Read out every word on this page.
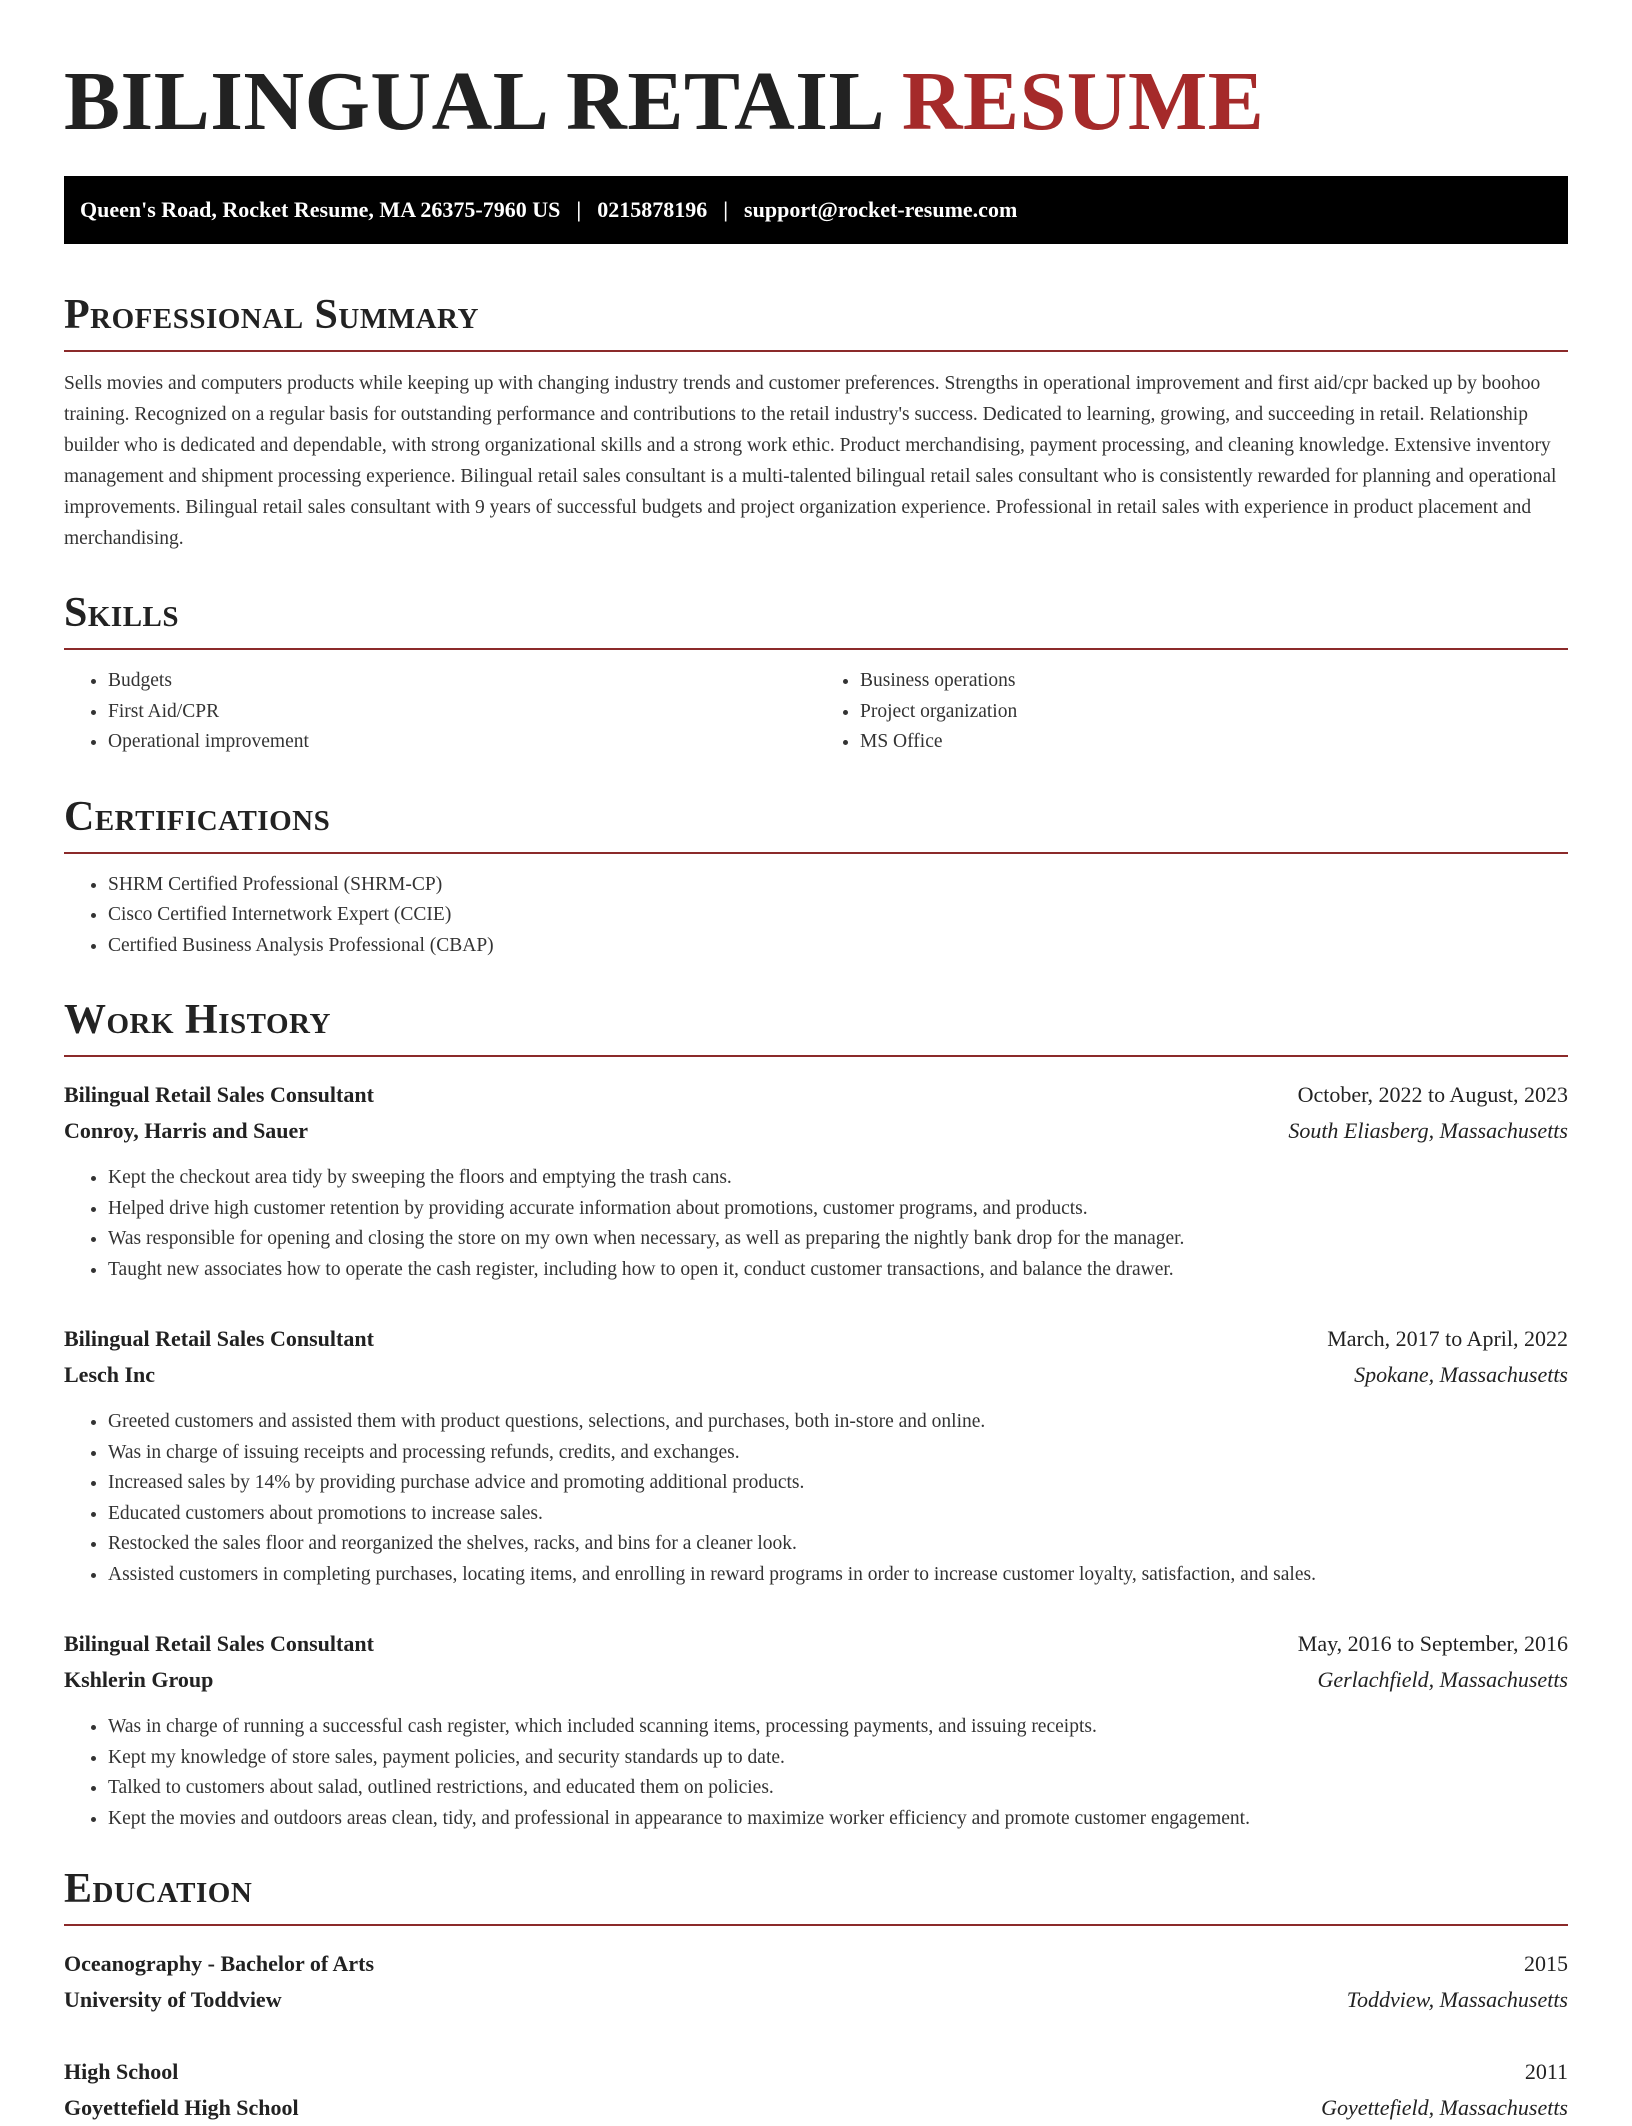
BILINGUAL RETAIL RESUME
Queen's Road, Rocket Resume, MA 26375-7960 US | 0215878196 | support@rocket-resume.com
Professional Summary

Sells movies and computers products while keeping up with changing industry trends and customer preferences. Strengths in operational improvement and first aid/cpr backed up by boohoo training. Recognized on a regular basis for outstanding performance and contributions to the retail industry's success. Dedicated to learning, growing, and succeeding in retail. Relationship builder who is dedicated and dependable, with strong organizational skills and a strong work ethic. Product merchandising, payment processing, and cleaning knowledge. Extensive inventory management and shipment processing experience. Bilingual retail sales consultant is a multi-talented bilingual retail sales consultant who is consistently rewarded for planning and operational improvements. Bilingual retail sales consultant with 9 years of successful budgets and project organization experience. Professional in retail sales with experience in product placement and merchandising.

Skills
• Budgets
• First Aid/CPR
• Operational improvement
• Business operations
• Project organization
• MS Office
Certifications
• SHRM Certified Professional (SHRM-CP)
• Cisco Certified Internetwork Expert (CCIE)
• Certified Business Analysis Professional (CBAP)
Work History
Bilingual Retail Sales Consultant	October, 2022 to August, 2023
Conroy, Harris and Sauer	South Eliasberg, Massachusetts
• Kept the checkout area tidy by sweeping the floors and emptying the trash cans.
• Helped drive high customer retention by providing accurate information about promotions, customer programs, and products.
• Was responsible for opening and closing the store on my own when necessary, as well as preparing the nightly bank drop for the manager.
• Taught new associates how to operate the cash register, including how to open it, conduct customer transactions, and balance the drawer.
Bilingual Retail Sales Consultant	March, 2017 to April, 2022
Lesch Inc	Spokane, Massachusetts
• Greeted customers and assisted them with product questions, selections, and purchases, both in-store and online.
• Was in charge of issuing receipts and processing refunds, credits, and exchanges.
• Increased sales by 14% by providing purchase advice and promoting additional products.
• Educated customers about promotions to increase sales.
• Restocked the sales floor and reorganized the shelves, racks, and bins for a cleaner look.
• Assisted customers in completing purchases, locating items, and enrolling in reward programs in order to increase customer loyalty, satisfaction, and sales.
Bilingual Retail Sales Consultant	May, 2016 to September, 2016
Kshlerin Group	Gerlachfield, Massachusetts
• Was in charge of running a successful cash register, which included scanning items, processing payments, and issuing receipts.
• Kept my knowledge of store sales, payment policies, and security standards up to date.
• Talked to customers about salad, outlined restrictions, and educated them on policies.
• Kept the movies and outdoors areas clean, tidy, and professional in appearance to maximize worker efficiency and promote customer engagement.
Education
Oceanography - Bachelor of Arts	2015
University of Toddview	Toddview, Massachusetts
High School	2011
Goyettefield High School	Goyettefield, Massachusetts
